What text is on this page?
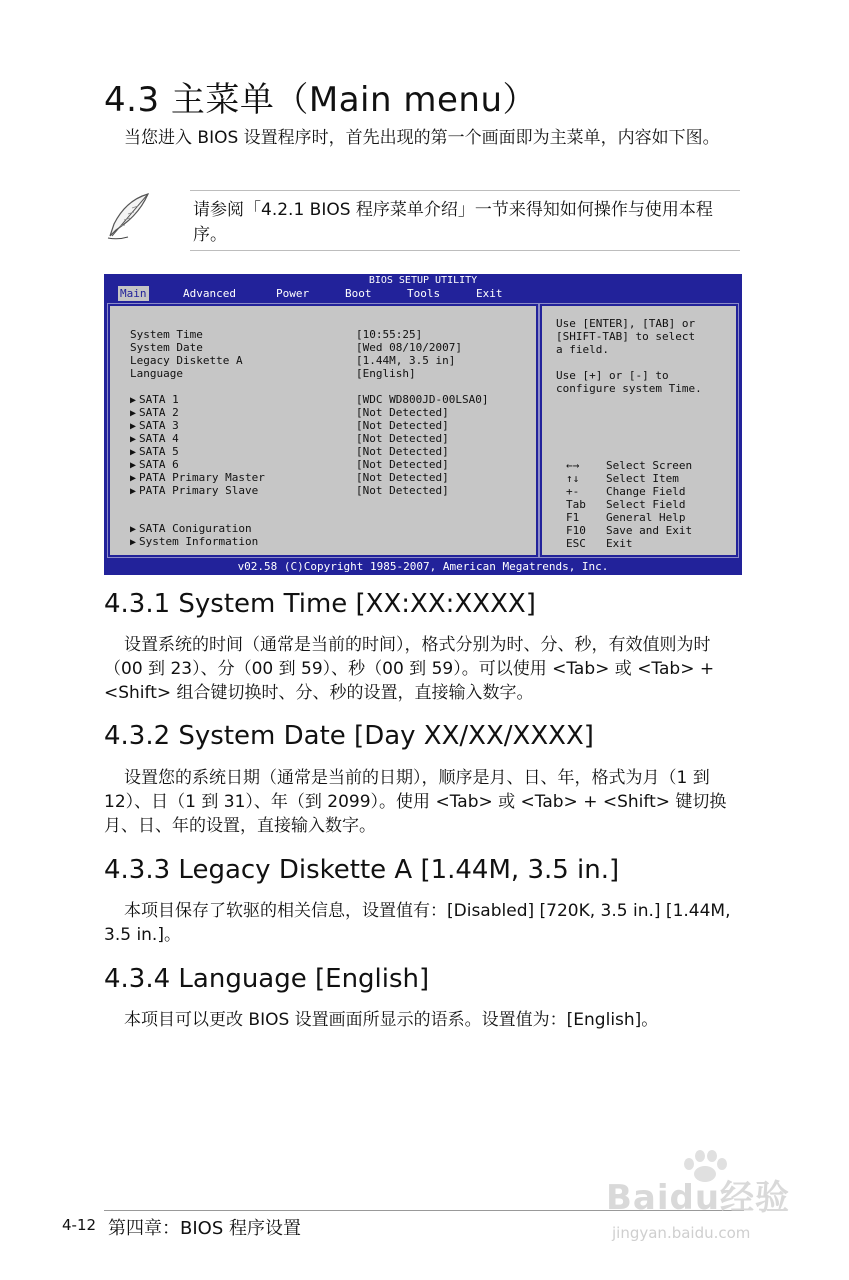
4.3 主菜单（Main menu）

当您进入 BIOS 设置程序时，首先出现的第一个画面即为主菜单，内容如下图。

请参阅「4.2.1 BIOS 程序菜单介绍」一节来得知如何操作与使用本程序。
BIOS SETUP UTILITY
Main	Advanced	Power	Boot	Tools	Exit
System Time	[10:55:25]
System Date	[Wed 08/10/2007]
Legacy Diskette A	[1.44M, 3.5 in]
Language	[English]
▶ SATA 1	[WDC WD800JD-00LSA0]
▶ SATA 2	[Not Detected]
▶ SATA 3	[Not Detected]
▶ SATA 4	[Not Detected]
▶ SATA 5	[Not Detected]
▶ SATA 6	[Not Detected]
▶ PATA Primary Master	[Not Detected]
▶ PATA Primary Slave	[Not Detected]
▶ SATA Coniguration
▶ System Information
Use [ENTER], [TAB] or
[SHIFT-TAB] to select
a field.
Use [+] or [-] to
configure system Time.
←→ Select Screen
↑↓ Select Item
+- Change Field
Tab Select Field
F1 General Help
F10 Save and Exit
ESC Exit
v02.58 (C)Copyright 1985-2007, American Megatrends, Inc.
4.3.1 System Time [XX:XX:XXXX]

设置系统的时间（通常是当前的时间），格式分别为时、分、秒，有效值则为时（00 到 23）、分（00 到 59）、秒（00 到 59）。可以使用 <Tab> 或 <Tab> + <Shift> 组合键切换时、分、秒的设置，直接输入数字。

4.3.2 System Date [Day XX/XX/XXXX]

设置您的系统日期（通常是当前的日期），顺序是月、日、年，格式为月（1 到 12）、日（1 到 31）、年（到 2099）。使用 <Tab> 或 <Tab> + <Shift> 键切换月、日、年的设置，直接输入数字。

4.3.3 Legacy Diskette A [1.44M, 3.5 in.]

本项目保存了软驱的相关信息，设置值有：[Disabled] [720K, 3.5 in.] [1.44M, 3.5 in.]。

4.3.4 Language [English]

本项目可以更改 BIOS 设置画面所显示的语系。设置值为：[English]。

4-12 第四章：BIOS 程序设置
Baidu经验
jingyan.baidu.com
